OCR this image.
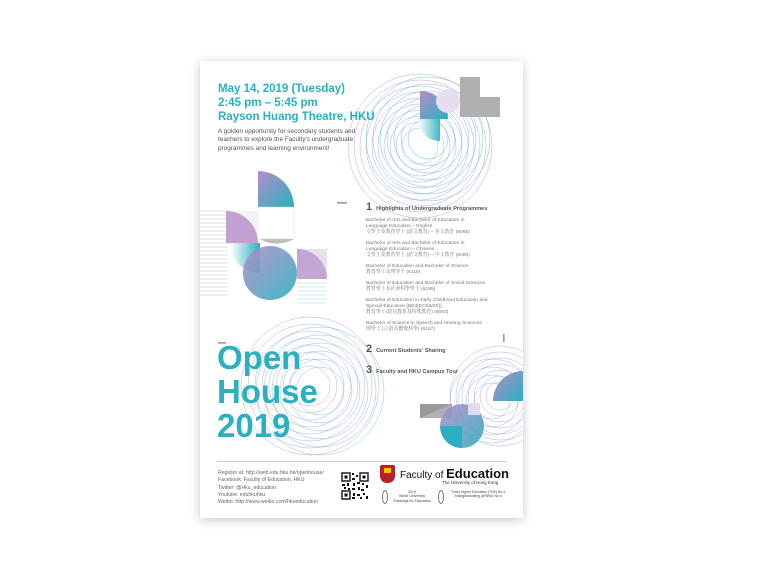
May 14, 2019 (Tuesday)
2:45 pm – 5:45 pm
Rayson Huang Theatre, HKU
A golden opportunity for secondary students and teachers to explore the Faculty's undergraduate programmes and learning environment!
1 Highlights of Undergraduate Programmes
Bachelor of Arts and Bachelor of Education in
Language Education – English
文學士及教育學士 (語文教育) – 英文教育 (6066)
Bachelor of Arts and Bachelor of Education in
Language Education – Chinese
文學士及教育學士 (語文教育) – 中文教育 (6080)
Bachelor of Education and Bachelor of Science
教育學士及理學士 (6119)
Bachelor of Education and Bachelor of Social Sciences
教育學士及社會科學學士 (6195)
Bachelor of Education in Early Childhood Education and
Special Education [BEd(ECE&SE)]
教育學士(幼兒教育及特殊教育) (6093)
Bachelor of Science in Speech and Hearing Sciences
理學士 (言語及聽覺科學) (6157)
2 Current Students' Sharing
3 Faculty and HKU Campus Tour
Open
House
2019
Register at: http://web.edu.hku.hk/openhouse/
Facebook: Faculty of Education, HKU
Twitter: @Hku_education
Youtube: eduhkuhku
Weibo: http://www.weibo.com/hkueducation
Faculty of Education
The University of Hong Kong
2019
World University
Rankings for Education
Times Higher Education (THE) No.4
Shanghairanking (ARWU) No.6
